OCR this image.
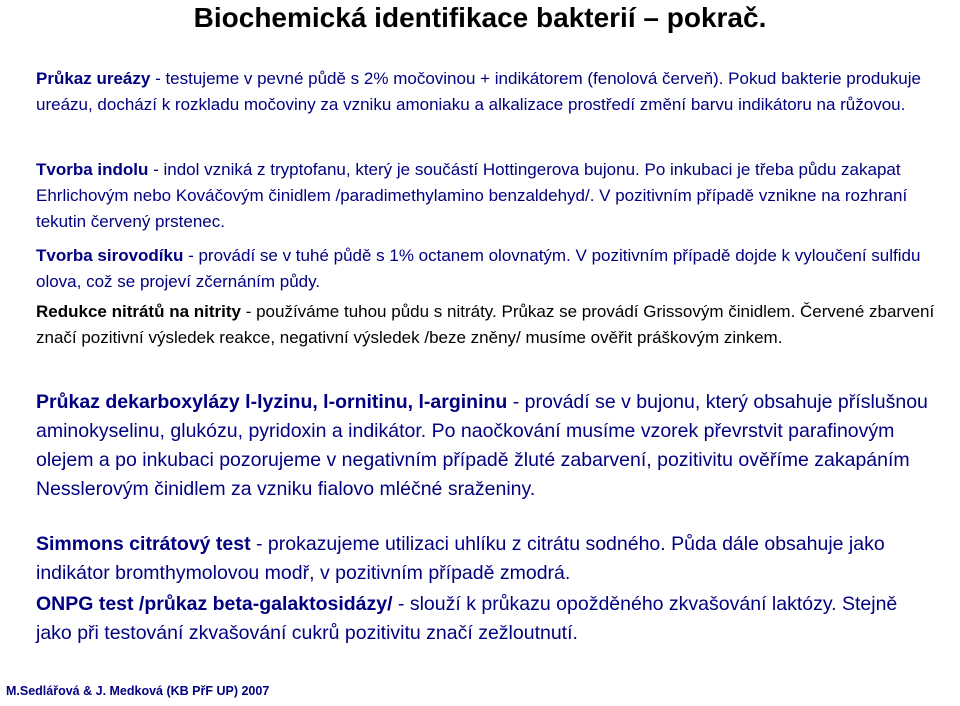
Biochemická identifikace bakterií – pokrač.

Průkaz ureázy - testujeme v pevné půdě s 2% močovinou + indikátorem (fenolová červeň). Pokud bakterie produkuje ureázu, dochází k rozkladu močoviny za vzniku amoniaku a alkalizace prostředí změní barvu indikátoru na růžovou.

Tvorba indolu - indol vzniká z tryptofanu, který je součástí Hottingerova bujonu. Po inkubaci je třeba půdu zakapat Ehrlichovým nebo Kováčovým činidlem /paradimethylamino benzaldehyd/. V pozitivním případě vznikne na rozhraní tekutin červený prstenec.

Tvorba sirovodíku - provádí se v tuhé půdě s 1% octanem olovnatým. V pozitivním případě dojde k vyloučení sulfidu olova, což se projeví zčernáním půdy.

Redukce nitrátů na nitrity - používáme tuhou půdu s nitráty. Průkaz se provádí Grissovým činidlem. Červené zbarvení značí pozitivní výsledek reakce, negativní výsledek /beze zněny/ musíme ověřit práškovým zinkem.

Průkaz dekarboxylázy l-lyzinu, l-ornitinu, l-argininu - provádí se v bujonu, který obsahuje příslušnou aminokyselinu, glukózu, pyridoxin a indikátor. Po naočkování musíme vzorek převrstvit parafinovým olejem a po inkubaci pozorujeme v negativním případě žluté zabarvení, pozitivitu ověříme zakapáním Nesslerovým činidlem za vzniku fialovo mléčné sraženiny.

Simmons citrátový test - prokazujeme utilizaci uhlíku z citrátu sodného. Půda dále obsahuje jako indikátor bromthymolovou modř, v pozitivním případě zmodrá.

ONPG test /průkaz beta-galaktosidázy/ - slouží k průkazu opožděného zkvašování laktózy. Stejně jako při testování zkvašování cukrů pozitivitu značí zežloutnutí.

M.Sedlářová & J. Medková (KB PřF UP) 2007
